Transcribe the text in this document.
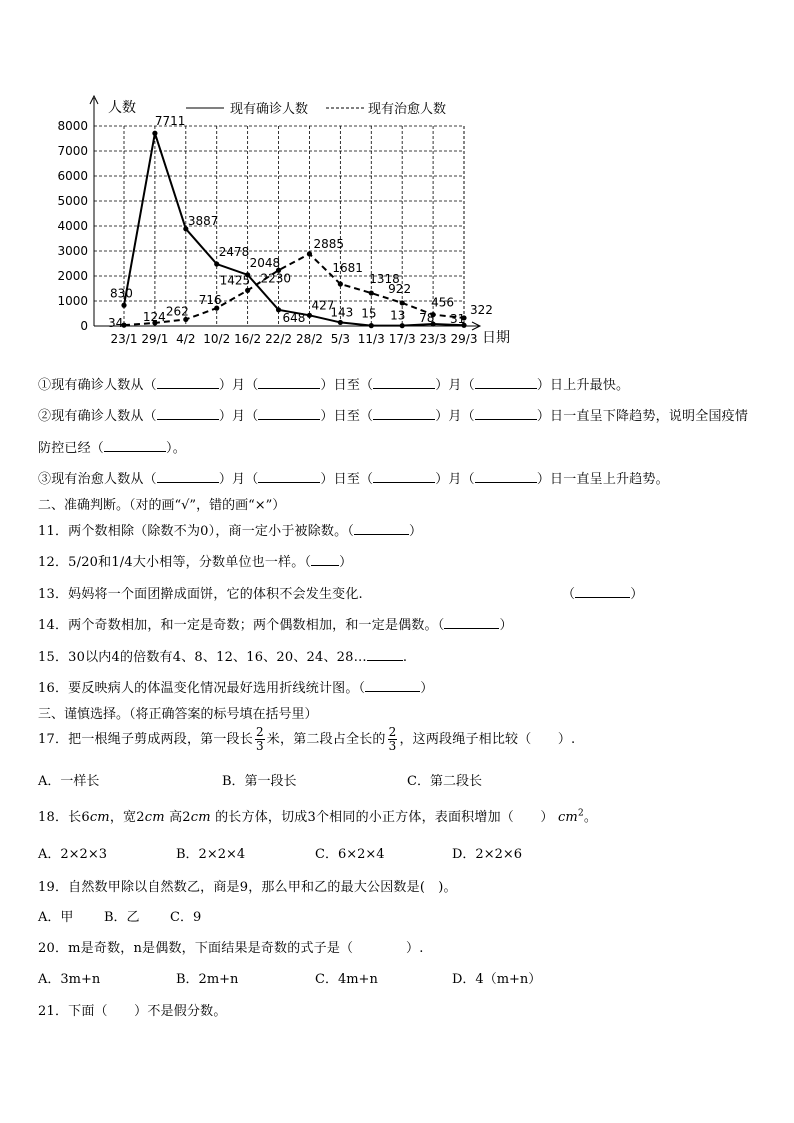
0
1000
2000
3000
4000
5000
6000
7000
8000
23/1 29/1 4/2 10/2 16/2 22/2 28/2 5/3 11/3 17/3 23/3 29/3
人数
日期
830
7711
3887
2478
2048
648
427
143 15 13 78 31
34 124 262
716
1425 2230
2885
1681
1318
922
456
322
现有确诊人数	现有治愈人数
①现有确诊人数从（	）月（	）日至（	）月（	）日上升最快。
②现有确诊人数从（	）月（	）日至（	）月（	）日一直呈下降趋势，说明全国疫情
防控已经（	）。
③现有治愈人数从（	）月（	）日至（	）月（	）日一直呈上升趋势。
二、准确判断。（对的画“√”，错的画“×”）
11．两个数相除（除数不为0），商一定小于被除数。（	）
12．5/20和1/4大小相等，分数单位也一样。（ ）
13．妈妈将一个面团擀成面饼，它的体积不会发生变化.	（	）
14．两个奇数相加，和一定是奇数；两个偶数相加，和一定是偶数。（	）
15．30以内4的倍数有4、8、12、16、20、24、28…	.
16．要反映病人的体温变化情况最好选用折线统计图。（	）
三、谨慎选择。（将正确答案的标号填在括号里）
17．把一根绳子剪成两段，第一段长 $\frac{2}{3}$ 米，第二段占全长的 $\frac{2}{3}$ ，这两段绳子相比较（　　）.
A．一样长	B．第一段长	C．第二段长
18．长6cm，宽2cm 高2cm 的长方体，切成3个相同的小正方体，表面积增加（　　） $cm^2$。
A．2×2×3	B．2×2×4	C．6×2×4	D．2×2×6
19．自然数甲除以自然数乙，商是9，那么甲和乙的最大公因数是(　)。
A．甲 B．乙 C．9
20．m是奇数，n是偶数，下面结果是奇数的式子是（　　　　）.
A．3m+n	B．2m+n	C．4m+n	D．4（m+n）
21．下面（　　）不是假分数。
